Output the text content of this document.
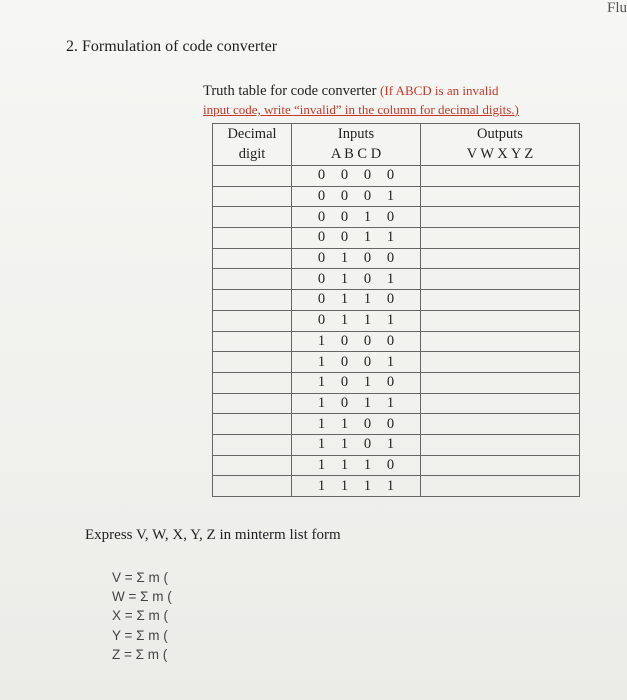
Flu
2. Formulation of code converter
Truth table for code converter (If ABCD is an invalid
input code, write “invalid” in the column for decimal digits.)
Decimal	Inputs	Outputs
digit	A B C D	V W X Y Z
	0 0 0 0	
	0 0 0 1	
	0 0 1 0	
	0 0 1 1	
	0 1 0 0	
	0 1 0 1	
	0 1 1 0	
	0 1 1 1	
	1 0 0 0	
	1 0 0 1	
	1 0 1 0	
	1 0 1 1	
	1 1 0 0	
	1 1 0 1	
	1 1 1 0	
	1 1 1 1	
Express V, W, X, Y, Z in minterm list form
V = Σ m (
W = Σ m (
X = Σ m (
Y = Σ m (
Z = Σ m (
